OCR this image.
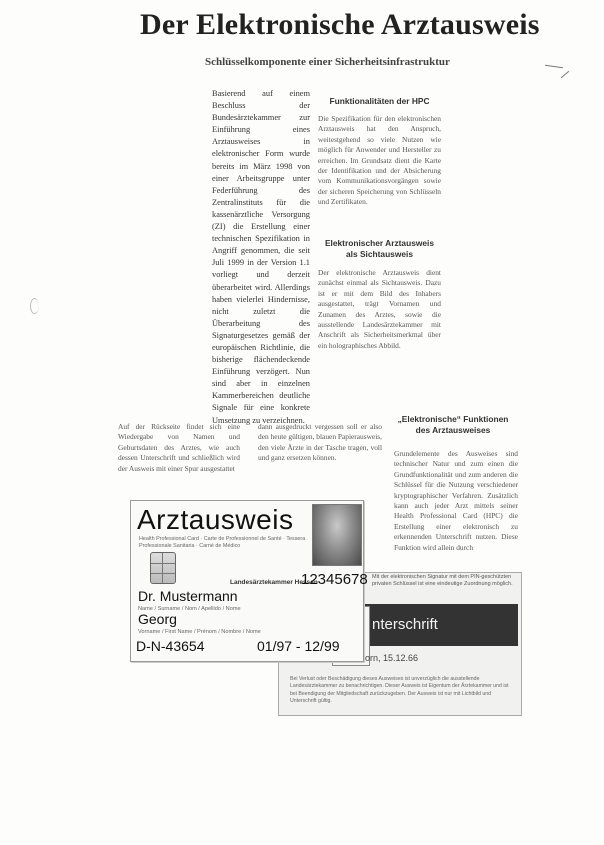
Der Elektronische Arztausweis
Schlüsselkomponente einer Sicherheitsinfrastruktur
Basierend auf einem Beschluss der Bundesärztekammer zur Einführung eines Arztausweises in elektronischer Form wurde bereits im März 1998 von einer Arbeitsgruppe unter Federführung des Zentralinstituts für die kassenärztliche Versorgung (ZI) die Erstellung einer technischen Spezifikation in Angriff genommen, die seit Juli 1999 in der Version 1.1 vorliegt und derzeit überarbeitet wird. Allerdings haben vielerlei Hindernisse, nicht zuletzt die Überarbeitung des Signaturgesetzes gemäß der europäischen Richtlinie, die bisherige flächendeckende Einführung verzögert. Nun sind aber in einzelnen Kammerbereichen deutliche Signale für eine konkrete Umsetzung zu verzeichnen.
Funktionalitäten der HPC
Die Spezifikation für den elektronischen Arztausweis hat den Anspruch, weitestgehend so viele Nutzen wie möglich für Anwender und Hersteller zu erreichen. Im Grundsatz dient die Karte der Identifikation und der Absicherung vom Kommunikationsvorgängen sowie der sicheren Speicherung von Schlüsseln und Zertifikaten.
Elektronischer Arztausweis als Sichtausweis
Der elektronische Arztausweis dient zunächst einmal als Sichtausweis. Dazu ist er mit dem Bild des Inhabers ausgestattet, trägt Vornamen und Zunamen des Arztes, sowie die ausstellende Landesärztekammer mit Anschrift als Sicherheitsmerkmal über ein holographisches Abbild.
Auf der Rückseite findet sich eine Wiedergabe von Namen und Geburtsdaten des Arztes, wie auch dessen Unterschrift und schließlich wird der Ausweis mit einer Spur ausgestattet
dann ausgedruckt vergessen soll er also den heute gültigen, blauen Papierausweis, den viele Ärzte in der Tasche tragen, voll und ganz ersetzen können.
„Elektronische“ Funktionen des Arztausweises
Grundelemente des Ausweises sind technischer Natur und zum einen die Grundfunktionalität und zum anderen die Schlüssel für die Nutzung verschiedener kryptographischer Verfahren. Zusätzlich kann auch jeder Arzt mittels seiner Health Professional Card (HPC) die Erstellung einer elektronisch zu erkennenden Unterschrift nutzen. Diese Funktion wird allein durch
Mit der elektronischen Signatur mit dem PIN-geschützten privaten Schlüssel ist eine eindeutige Zuordnung möglich.
nterschrift
orn, 15.12.66
Bei Verlust oder Beschädigung dieses Ausweises ist unverzüglich die ausstellende Landesärztekammer zu benachrichtigen. Dieser Ausweis ist Eigentum der Ärztekammer und ist bei Beendigung der Mitgliedschaft zurückzugeben. Der Ausweis ist nur mit Lichtbild und Unterschrift gültig.
Arztausweis
Health Professional Card · Carte de Professionnel de Santé · Tessera Professionale Sanitaria · Carné de Médico
Landesärztekammer Hessen
12345678
Dr. Mustermann
Name / Surname / Nom / Apellido / Nome
Georg
Vorname / First Name / Prénom / Nombre / Nome
D-N-43654	01/97 - 12/99
